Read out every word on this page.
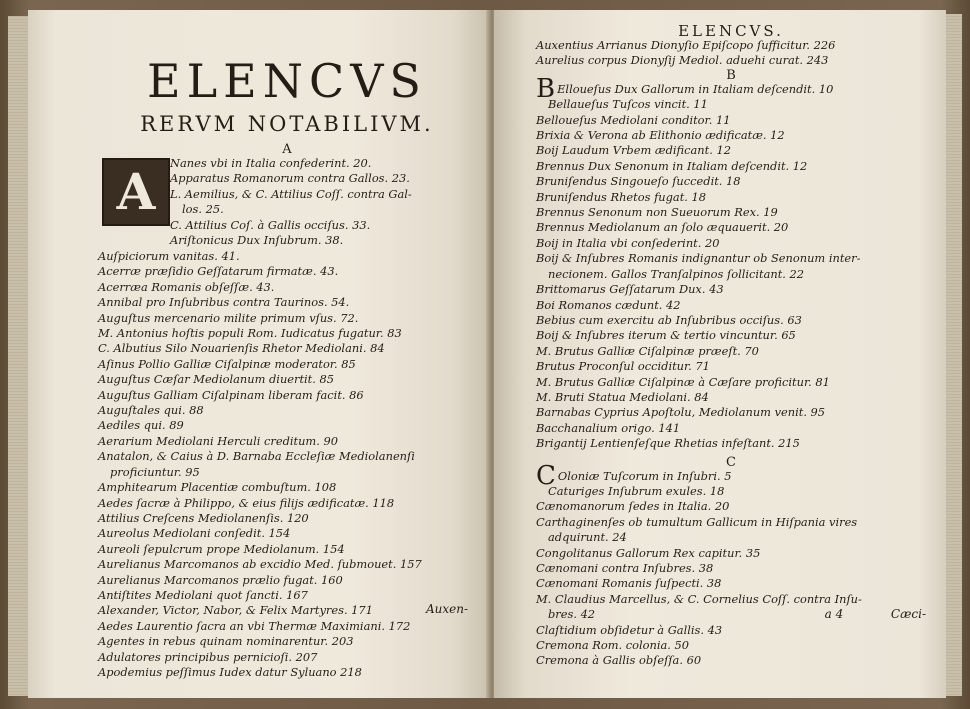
ELENCVS
RERVM NOTABILIVM.
A
A Nanes vbi in Italia confederint. 20.
Apparatus Romanorum contra Gallos. 23.
L. Aemilius, & C. Attilius Coſſ. contra Gal-
los. 25.
C. Attilius Coſ. à Gallis occiſus. 33.
Ariſtonicus Dux Inſubrum. 38.
Auſpiciorum vanitas. 41.
Acerræ præſidio Geſſatarum firmatæ. 43.
Acerræa Romanis obſeſſæ. 43.
Annibal pro Inſubribus contra Taurinos. 54.
Auguſtus mercenario milite primum vſus. 72.
M. Antonius hoſtis populi Rom. Iudicatus fugatur. 83
C. Albutius Silo Nouarienſis Rhetor Mediolani. 84
Aſinus Pollio Galliæ Ciſalpinæ moderator. 85
Auguſtus Cæſar Mediolanum diuertit. 85
Auguſtus Galliam Ciſalpinam liberam facit. 86
Auguſtales qui. 88
Aediles qui. 89
Aerarium Mediolani Herculi creditum. 90
Anatalon, & Caius à D. Barnaba Eccleſiæ Mediolanenſi
proficiuntur. 95
Amphitearum Placentiæ combuſtum. 108
Aedes ſacræ à Philippo, & eius filijs ædificatæ. 118
Attilius Creſcens Mediolanenſis. 120
Aureolus Mediolani conſedit. 154
Aureoli ſepulcrum prope Mediolanum. 154
Aurelianus Marcomanos ab excidio Med. ſubmouet. 157
Aurelianus Marcomanos prælio fugat. 160
Antiſtites Mediolani quot ſancti. 167
Alexander, Victor, Nabor, & Felix Martyres. 171
Aedes Laurentio ſacra an vbi Thermæ Maximiani. 172
Agentes in rebus quinam nominarentur. 203
Adulatores principibus pernicioſi. 207
Apodemius peſſimus Iudex datur Syluano 218
Auxen-
ELENCVS.
Auxentius Arrianus Dionyſio Epiſcopo ſufficitur. 226
Aurelius corpus Dionyſij Mediol. aduehi curat. 243
B
B Elloueſus Dux Gallorum in Italiam deſcendit. 10
Bellaueſus Tuſcos vincit. 11
Belloueſus Mediolani conditor. 11
Brixia & Verona ab Elithonio ædificatæ. 12
Boij Laudum Vrbem ædificant. 12
Brennus Dux Senonum in Italiam deſcendit. 12
Bruniſendus Singoueſo ſuccedit. 18
Bruniſendus Rhetos fugat. 18
Brennus Senonum non Sueuorum Rex. 19
Brennus Mediolanum an ſolo æquauerit. 20
Boij in Italia vbi conſederint. 20
Boij & Inſubres Romanis indignantur ob Senonum inter-
necionem. Gallos Tranſalpinos ſollicitant. 22
Brittomarus Geſſatarum Dux. 43
Boi Romanos cædunt. 42
Bebius cum exercitu ab Inſubribus occiſus. 63
Boij & Inſubres iterum & tertio vincuntur. 65
M. Brutus Galliæ Ciſalpinæ præeſt. 70
Brutus Proconſul occiditur. 71
M. Brutus Galliæ Ciſalpinæ à Cæſare proficitur. 81
M. Bruti Statua Mediolani. 84
Barnabas Cyprius Apoſtolu, Mediolanum venit. 95
Bacchanalium origo. 141
Brigantij Lentienſeſque Rhetias infeſtant. 215
C
C Oloniæ Tuſcorum in Inſubri. 5
Caturiges Inſubrum exules. 18
Cænomanorum ſedes in Italia. 20
Carthaginenſes ob tumultum Gallicum in Hiſpania vires
adquirunt. 24
Congolitanus Gallorum Rex capitur. 35
Cænomani contra Inſubres. 38
Cænomani Romanis ſuſpecti. 38
M. Claudius Marcellus, & C. Cornelius Coſſ. contra Inſu-
bres. 42
Claſtidium obſidetur à Gallis. 43
Cremona Rom. colonia. 50
Cremona à Gallis obſeſſa. 60
a 4	Cæci-
